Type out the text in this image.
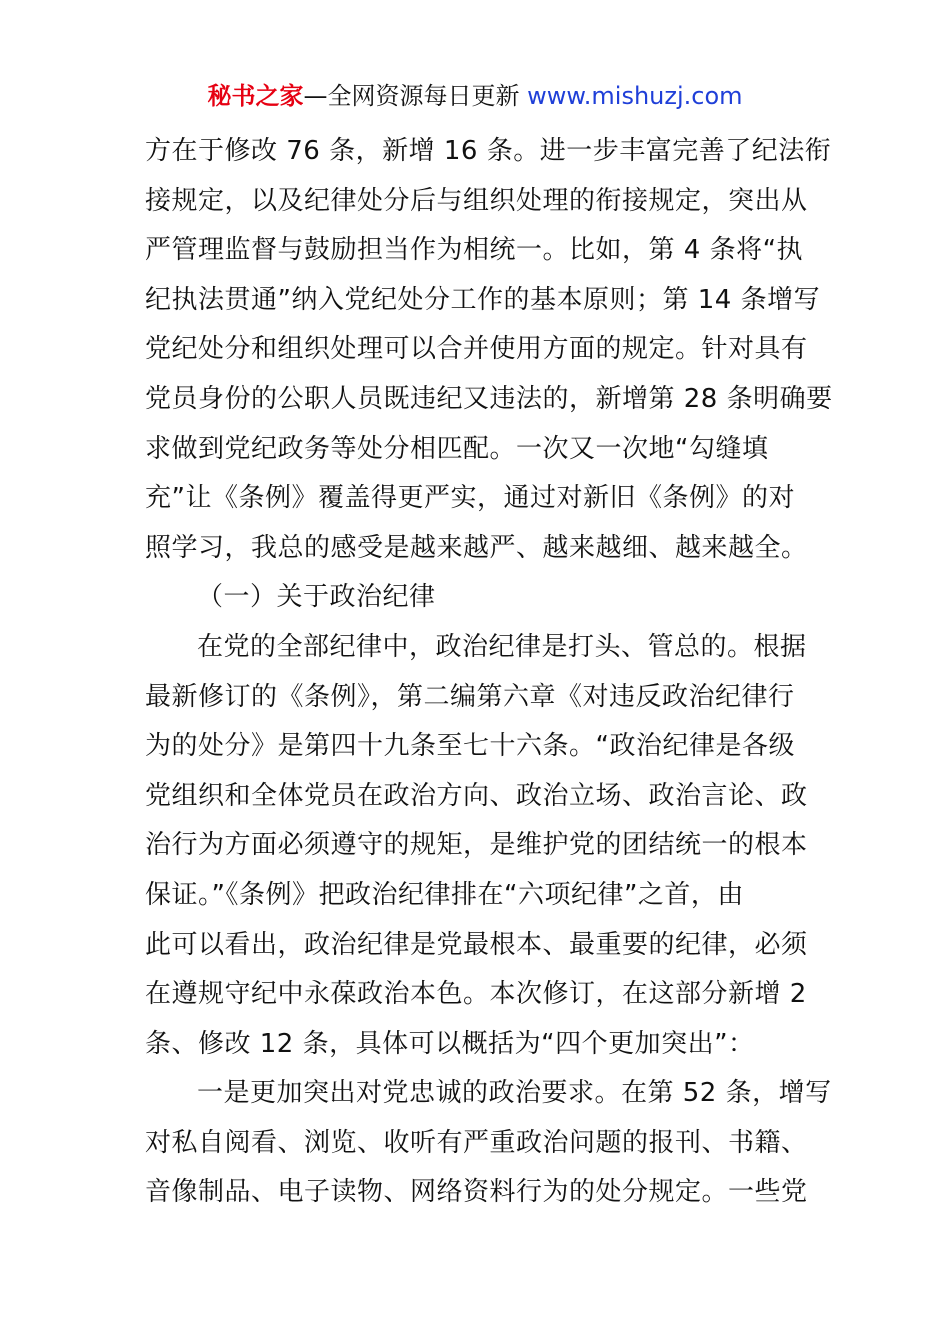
秘书之家—全网资源每日更新 www.mishuzj.com
方在于修改 76 条，新增 16 条。进一步丰富完善了纪法衔
接规定，以及纪律处分后与组织处理的衔接规定，突出从
严管理监督与鼓励担当作为相统一。比如，第 4 条将“执
纪执法贯通”纳入党纪处分工作的基本原则；第 14 条增写
党纪处分和组织处理可以合并使用方面的规定。针对具有
党员身份的公职人员既违纪又违法的，新增第 28 条明确要
求做到党纪政务等处分相匹配。一次又一次地“勾缝填
充”让《条例》覆盖得更严实，通过对新旧《条例》的对
照学习，我总的感受是越来越严、越来越细、越来越全。
（一）关于政治纪律
在党的全部纪律中，政治纪律是打头、管总的。根据
最新修订的《条例》，第二编第六章《对违反政治纪律行
为的处分》是第四十九条至七十六条。“政治纪律是各级
党组织和全体党员在政治方向、政治立场、政治言论、政
治行为方面必须遵守的规矩，是维护党的团结统一的根本
保证。”《条例》把政治纪律排在“六项纪律”之首，由
此可以看出，政治纪律是党最根本、最重要的纪律，必须
在遵规守纪中永葆政治本色。本次修订，在这部分新增 2
条、修改 12 条，具体可以概括为“四个更加突出”：
一是更加突出对党忠诚的政治要求。在第 52 条，增写
对私自阅看、浏览、收听有严重政治问题的报刊、书籍、
音像制品、电子读物、网络资料行为的处分规定。一些党
